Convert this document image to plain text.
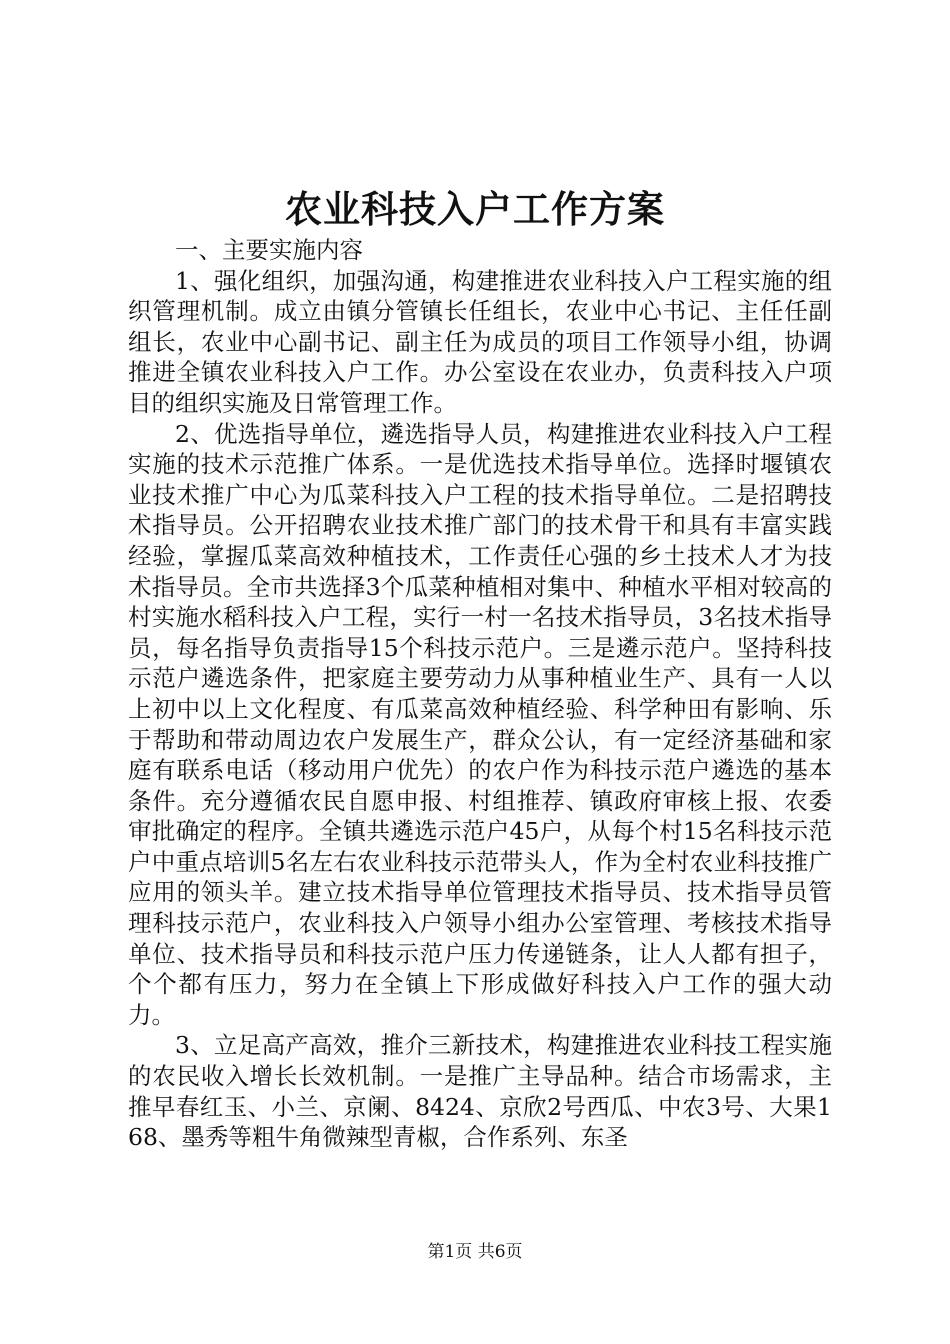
农业科技入户工作方案

一、主要实施内容

1、强化组织，加强沟通，构建推进农业科技入户工程实施的组织管理机制。成立由镇分管镇长任组长，农业中心书记、主任任副组长，农业中心副书记、副主任为成员的项目工作领导小组，协调推进全镇农业科技入户工作。办公室设在农业办，负责科技入户项目的组织实施及日常管理工作。

2、优选指导单位，遴选指导人员，构建推进农业科技入户工程实施的技术示范推广体系。一是优选技术指导单位。选择时堰镇农业技术推广中心为瓜菜科技入户工程的技术指导单位。二是招聘技术指导员。公开招聘农业技术推广部门的技术骨干和具有丰富实践经验，掌握瓜菜高效种植技术，工作责任心强的乡土技术人才为技术指导员。全市共选择3个瓜菜种植相对集中、种植水平相对较高的村实施水稻科技入户工程，实行一村一名技术指导员，3名技术指导员，每名指导负责指导15个科技示范户。三是遴示范户。坚持科技示范户遴选条件，把家庭主要劳动力从事种植业生产、具有一人以上初中以上文化程度、有瓜菜高效种植经验、科学种田有影响、乐于帮助和带动周边农户发展生产，群众公认，有一定经济基础和家庭有联系电话（移动用户优先）的农户作为科技示范户遴选的基本条件。充分遵循农民自愿申报、村组推荐、镇政府审核上报、农委审批确定的程序。全镇共遴选示范户45户，从每个村15名科技示范户中重点培训5名左右农业科技示范带头人，作为全村农业科技推广应用的领头羊。建立技术指导单位管理技术指导员、技术指导员管理科技示范户，农业科技入户领导小组办公室管理、考核技术指导单位、技术指导员和科技示范户压力传递链条，让人人都有担子，个个都有压力，努力在全镇上下形成做好科技入户工作的强大动力。

3、立足高产高效，推介三新技术，构建推进农业科技工程实施的农民收入增长长效机制。一是推广主导品种。结合市场需求，主推早春红玉、小兰、京阑、8424、京欣2号西瓜、中农3号、大果168、墨秀等粗牛角微辣型青椒，合作系列、东圣

第1页 共6页
